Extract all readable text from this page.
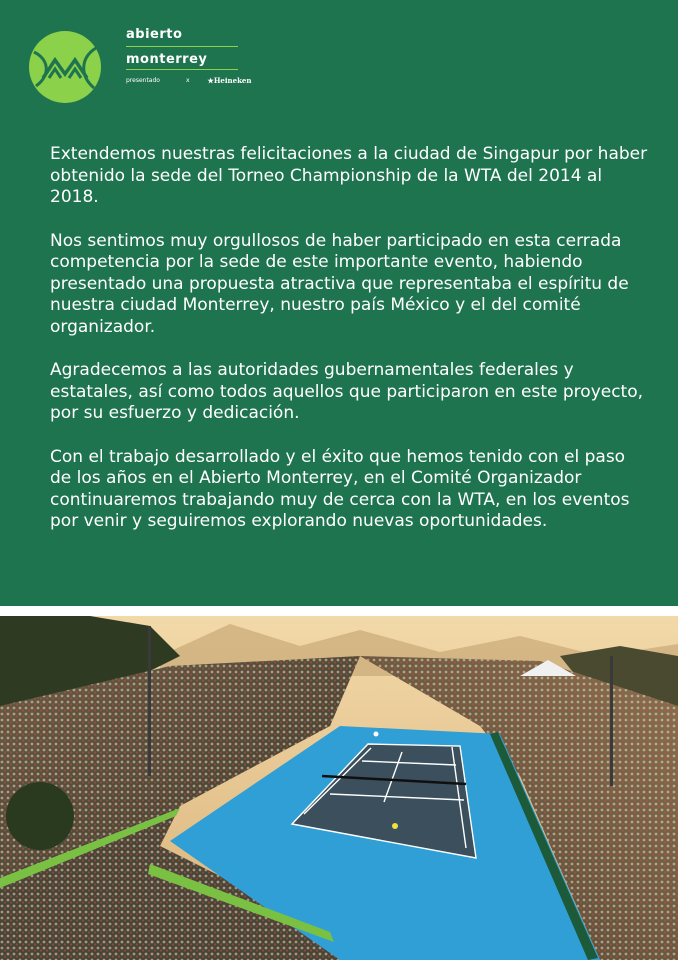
abierto
monterrey
presentado	x	★Heineken

Extendemos nuestras felicitaciones a la ciudad de Singapur por haber obtenido la sede del Torneo Championship de la WTA del 2014 al 2018.

Nos sentimos muy orgullosos de haber participado en esta cerrada competencia por la sede de este importante evento, habiendo presentado una propuesta atractiva que representaba el espíritu de nuestra ciudad Monterrey, nuestro país México y el del comité organizador.

Agradecemos a las autoridades gubernamentales federales y estatales, así como todos aquellos que participaron en este proyecto, por su esfuerzo y dedicación.

Con el trabajo desarrollado y el éxito que hemos tenido con el paso de los años en el Abierto Monterrey, en el Comité Organizador continuaremos trabajando muy de cerca con la WTA, en los eventos por venir y seguiremos explorando nuevas oportunidades.
